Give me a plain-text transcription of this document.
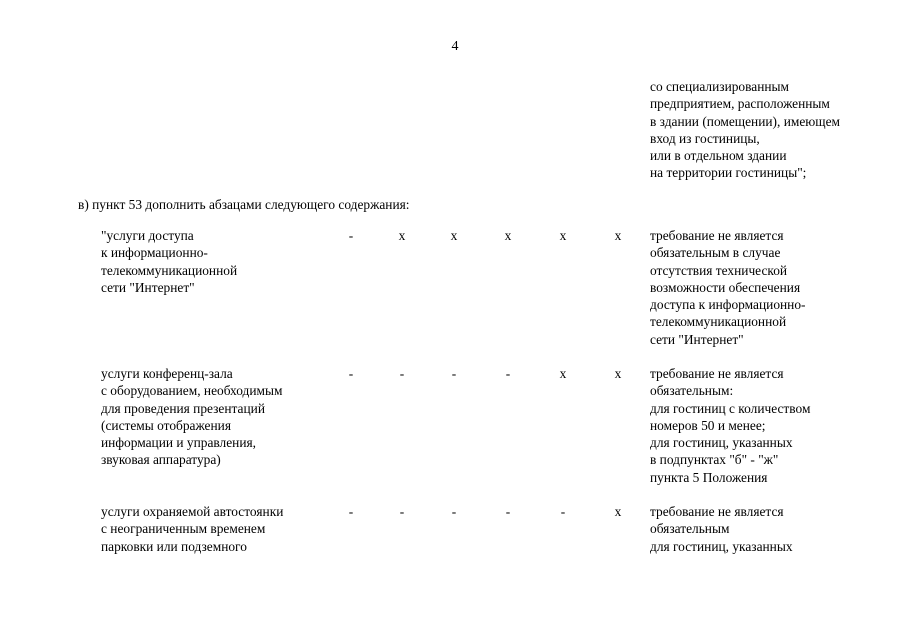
4
со специализированным
предприятием, расположенным
в здании (помещении), имеющем
вход из гостиницы,
или в отдельном здании
на территории гостиницы";
в) пункт 53 дополнить абзацами следующего содержания:
"услуги доступа
к информационно-
телекоммуникационной
сети "Интернет"
-	х	х	х	х	х	требование не является
обязательным в случае
отсутствия технической
возможности обеспечения
доступа к информационно-
телекоммуникационной
сети "Интернет"
услуги конференц-зала
с оборудованием, необходимым
для проведения презентаций
(системы отображения
информации и управления,
звуковая аппаратура)
-	-	-	-	х	х	требование не является
обязательным:
для гостиниц с количеством
номеров 50 и менее;
для гостиниц, указанных
в подпунктах "б" - "ж"
пункта 5 Положения
услуги охраняемой автостоянки
с неограниченным временем
парковки или подземного
-	-	-	-	-	х	требование не является
обязательным
для гостиниц, указанных
